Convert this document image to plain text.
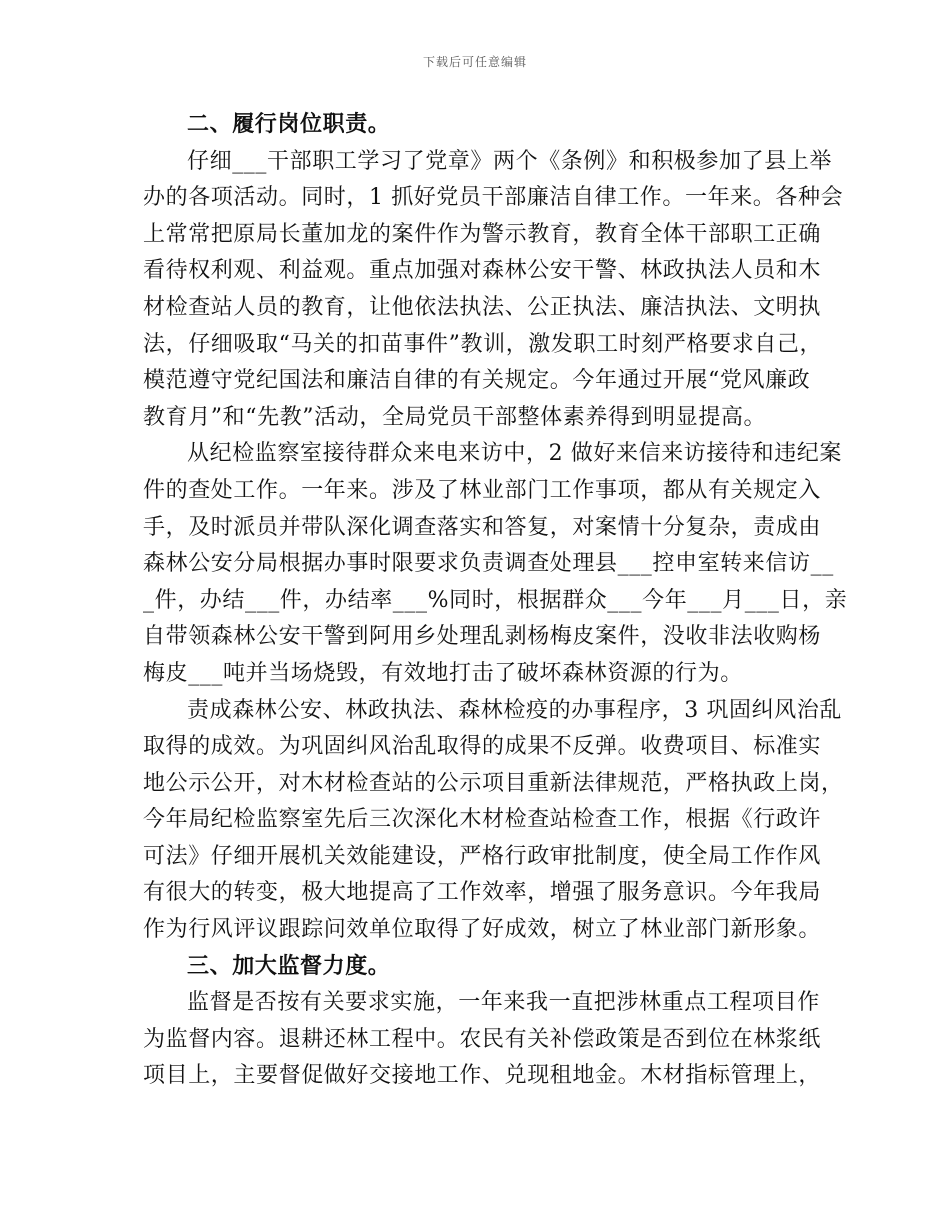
下载后可任意编辑
二、履行岗位职责。
仔细___干部职工学习了党章》两个《条例》和积极参加了县上举
办的各项活动。同时，1 抓好党员干部廉洁自律工作。一年来。各种会
上常常把原局长董加龙的案件作为警示教育，教育全体干部职工正确
看待权利观、利益观。重点加强对森林公安干警、林政执法人员和木
材检查站人员的教育，让他依法执法、公正执法、廉洁执法、文明执
法，仔细吸取“马关的扣苗事件”教训，激发职工时刻严格要求自己，
模范遵守党纪国法和廉洁自律的有关规定。今年通过开展“党风廉政
教育月”和“先教”活动，全局党员干部整体素养得到明显提高。
从纪检监察室接待群众来电来访中，2 做好来信来访接待和违纪案
件的查处工作。一年来。涉及了林业部门工作事项，都从有关规定入
手，及时派员并带队深化调查落实和答复，对案情十分复杂，责成由
森林公安分局根据办事时限要求负责调查处理县___控申室转来信访__
_件，办结___件，办结率___%同时，根据群众___今年___月___日，亲
自带领森林公安干警到阿用乡处理乱剥杨梅皮案件，没收非法收购杨
梅皮___吨并当场烧毁，有效地打击了破坏森林资源的行为。
责成森林公安、林政执法、森林检疫的办事程序，3 巩固纠风治乱
取得的成效。为巩固纠风治乱取得的成果不反弹。收费项目、标准实
地公示公开，对木材检查站的公示项目重新法律规范，严格执政上岗，
今年局纪检监察室先后三次深化木材检查站检查工作，根据《行政许
可法》仔细开展机关效能建设，严格行政审批制度，使全局工作作风
有很大的转变，极大地提高了工作效率，增强了服务意识。今年我局
作为行风评议跟踪问效单位取得了好成效，树立了林业部门新形象。
三、加大监督力度。
监督是否按有关要求实施，一年来我一直把涉林重点工程项目作
为监督内容。退耕还林工程中。农民有关补偿政策是否到位在林浆纸
项目上，主要督促做好交接地工作、兑现租地金。木材指标管理上，
